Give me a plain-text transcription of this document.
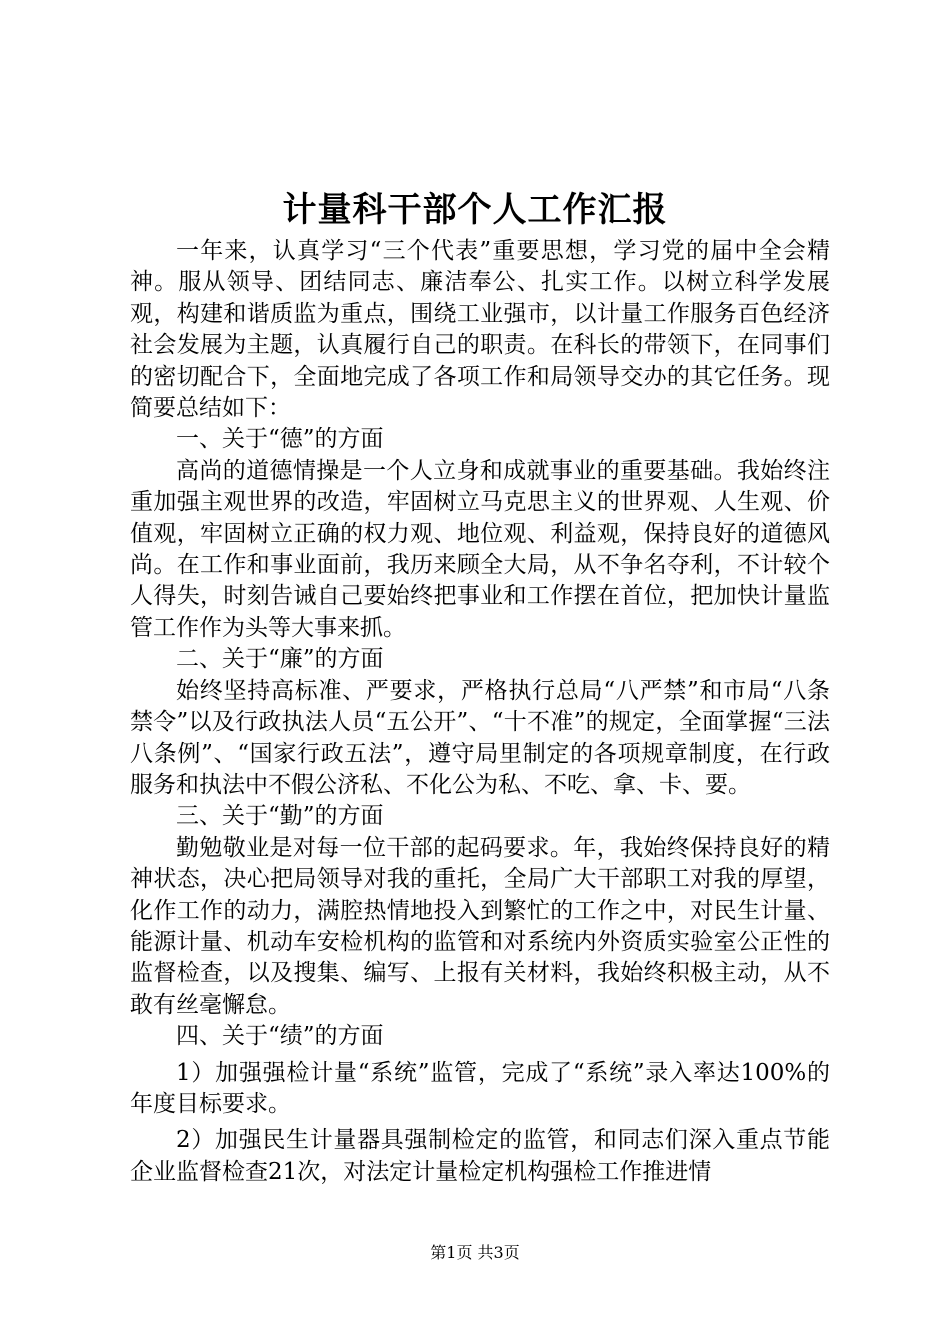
计量科干部个人工作汇报

一年来，认真学习“三个代表”重要思想，学习党的届中全会精神。服从领导、团结同志、廉洁奉公、扎实工作。以树立科学发展观，构建和谐质监为重点，围绕工业强市，以计量工作服务百色经济社会发展为主题，认真履行自己的职责。在科长的带领下，在同事们的密切配合下，全面地完成了各项工作和局领导交办的其它任务。现简要总结如下：

一、关于“德”的方面

高尚的道德情操是一个人立身和成就事业的重要基础。我始终注重加强主观世界的改造，牢固树立马克思主义的世界观、人生观、价值观，牢固树立正确的权力观、地位观、利益观，保持良好的道德风尚。在工作和事业面前，我历来顾全大局，从不争名夺利，不计较个人得失，时刻告诫自己要始终把事业和工作摆在首位，把加快计量监管工作作为头等大事来抓。

二、关于“廉”的方面

始终坚持高标准、严要求，严格执行总局“八严禁”和市局“八条禁令”以及行政执法人员“五公开”、“十不准”的规定，全面掌握“三法八条例”、“国家行政五法”，遵守局里制定的各项规章制度，在行政服务和执法中不假公济私、不化公为私、不吃、拿、卡、要。

三、关于“勤”的方面

勤勉敬业是对每一位干部的起码要求。年，我始终保持良好的精神状态，决心把局领导对我的重托，全局广大干部职工对我的厚望，化作工作的动力，满腔热情地投入到繁忙的工作之中，对民生计量、能源计量、机动车安检机构的监管和对系统内外资质实验室公正性的监督检查，以及搜集、编写、上报有关材料，我始终积极主动，从不敢有丝毫懈怠。

四、关于“绩”的方面

1）加强强检计量“系统”监管，完成了“系统”录入率达100%的年度目标要求。

2）加强民生计量器具强制检定的监管，和同志们深入重点节能企业监督检查21次，对法定计量检定机构强检工作推进情

第1页 共3页
